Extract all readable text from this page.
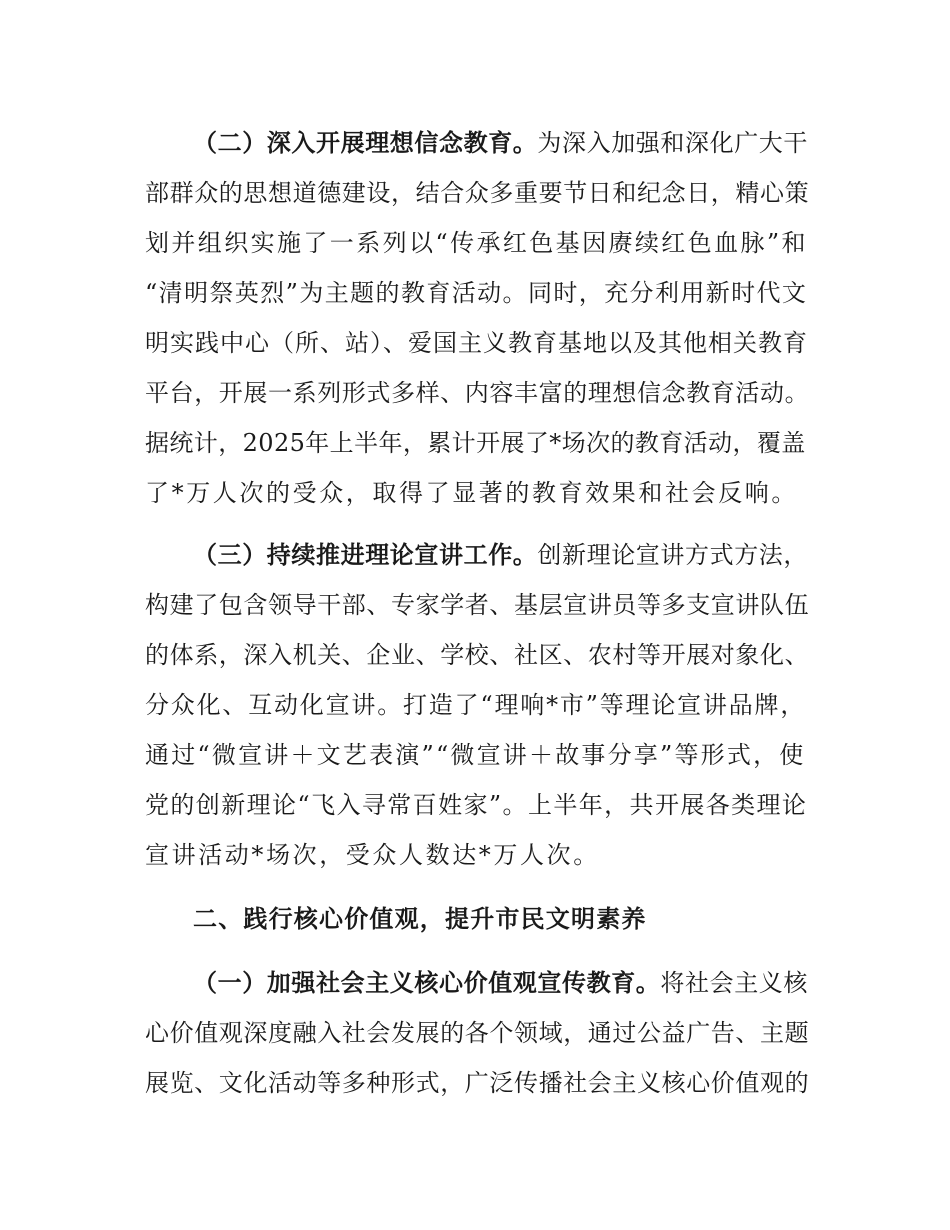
（二）深入开展理想信念教育。为深入加强和深化广大干
部群众的思想道德建设，结合众多重要节日和纪念日，精心策
划并组织实施了一系列以“传承红色基因赓续红色血脉”和
“清明祭英烈”为主题的教育活动。同时，充分利用新时代文
明实践中心（所、站）、爱国主义教育基地以及其他相关教育
平台，开展一系列形式多样、内容丰富的理想信念教育活动。
据统计，2025年上半年，累计开展了*场次的教育活动，覆盖
了*万人次的受众，取得了显著的教育效果和社会反响。
（三）持续推进理论宣讲工作。创新理论宣讲方式方法，
构建了包含领导干部、专家学者、基层宣讲员等多支宣讲队伍
的体系，深入机关、企业、学校、社区、农村等开展对象化、
分众化、互动化宣讲。打造了“理响*市”等理论宣讲品牌，
通过“微宣讲＋文艺表演”“微宣讲＋故事分享”等形式，使
党的创新理论“飞入寻常百姓家”。上半年，共开展各类理论
宣讲活动*场次，受众人数达*万人次。
二、践行核心价值观，提升市民文明素养
（一）加强社会主义核心价值观宣传教育。将社会主义核
心价值观深度融入社会发展的各个领域，通过公益广告、主题
展览、文化活动等多种形式，广泛传播社会主义核心价值观的
